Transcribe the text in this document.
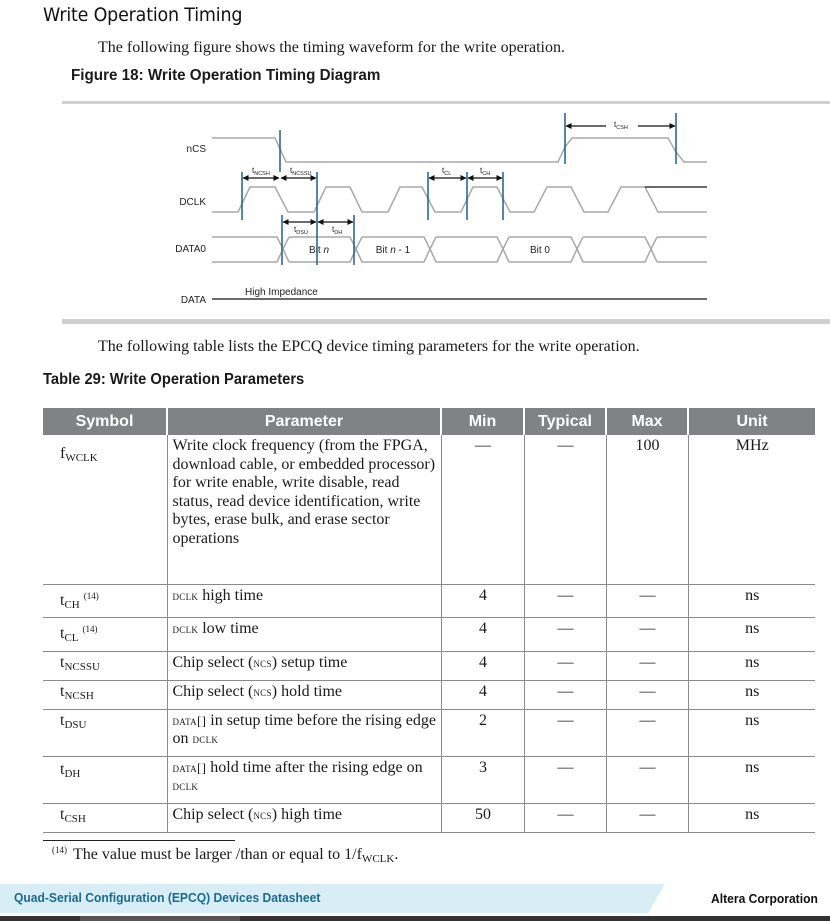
Write Operation Timing
The following figure shows the timing waveform for the write operation.
Figure 18: Write Operation Timing Diagram
nCS
DCLK
DATA0
DATA
Bit n	Bit n - 1	Bit 0
High Impedance
$t_{NCSH}$	$t_{NCSSU}$	$t_{CL}$	$t_{CH}$
$t_{CSH}$
$t_{DSU}$	$t_{DH}$
The following table lists the EPCQ device timing parameters for the write operation.
Table 29: Write Operation Parameters
Symbol	Parameter	Min	Typical	Max	Unit
$f_{WCLK}$	Write clock frequency (from the FPGA, download cable, or embedded processor) for write enable, write disable, read status, read device identification, write bytes, erase bulk, and erase sector operations	—	—	100	MHz
$t_{CH}^{(14)}$	dclk high time	4	—	—	ns
$t_{CL}^{(14)}$	dclk low time	4	—	—	ns
$t_{NCSSU}$	Chip select (ncs) setup time	4	—	—	ns
$t_{NCSH}$	Chip select (ncs) hold time	4	—	—	ns
$t_{DSU}$	data[] in setup time before the rising edge on dclk	2	—	—	ns
$t_{DH}$	data[] hold time after the rising edge on dclk	3	—	—	ns
$t_{CSH}$	Chip select (ncs) high time	50	—	—	ns
$^{(14)}$ The value must be larger /than or equal to $1/f_{WCLK}$.
Quad-Serial Configuration (EPCQ) Devices Datasheet	Altera Corporation
